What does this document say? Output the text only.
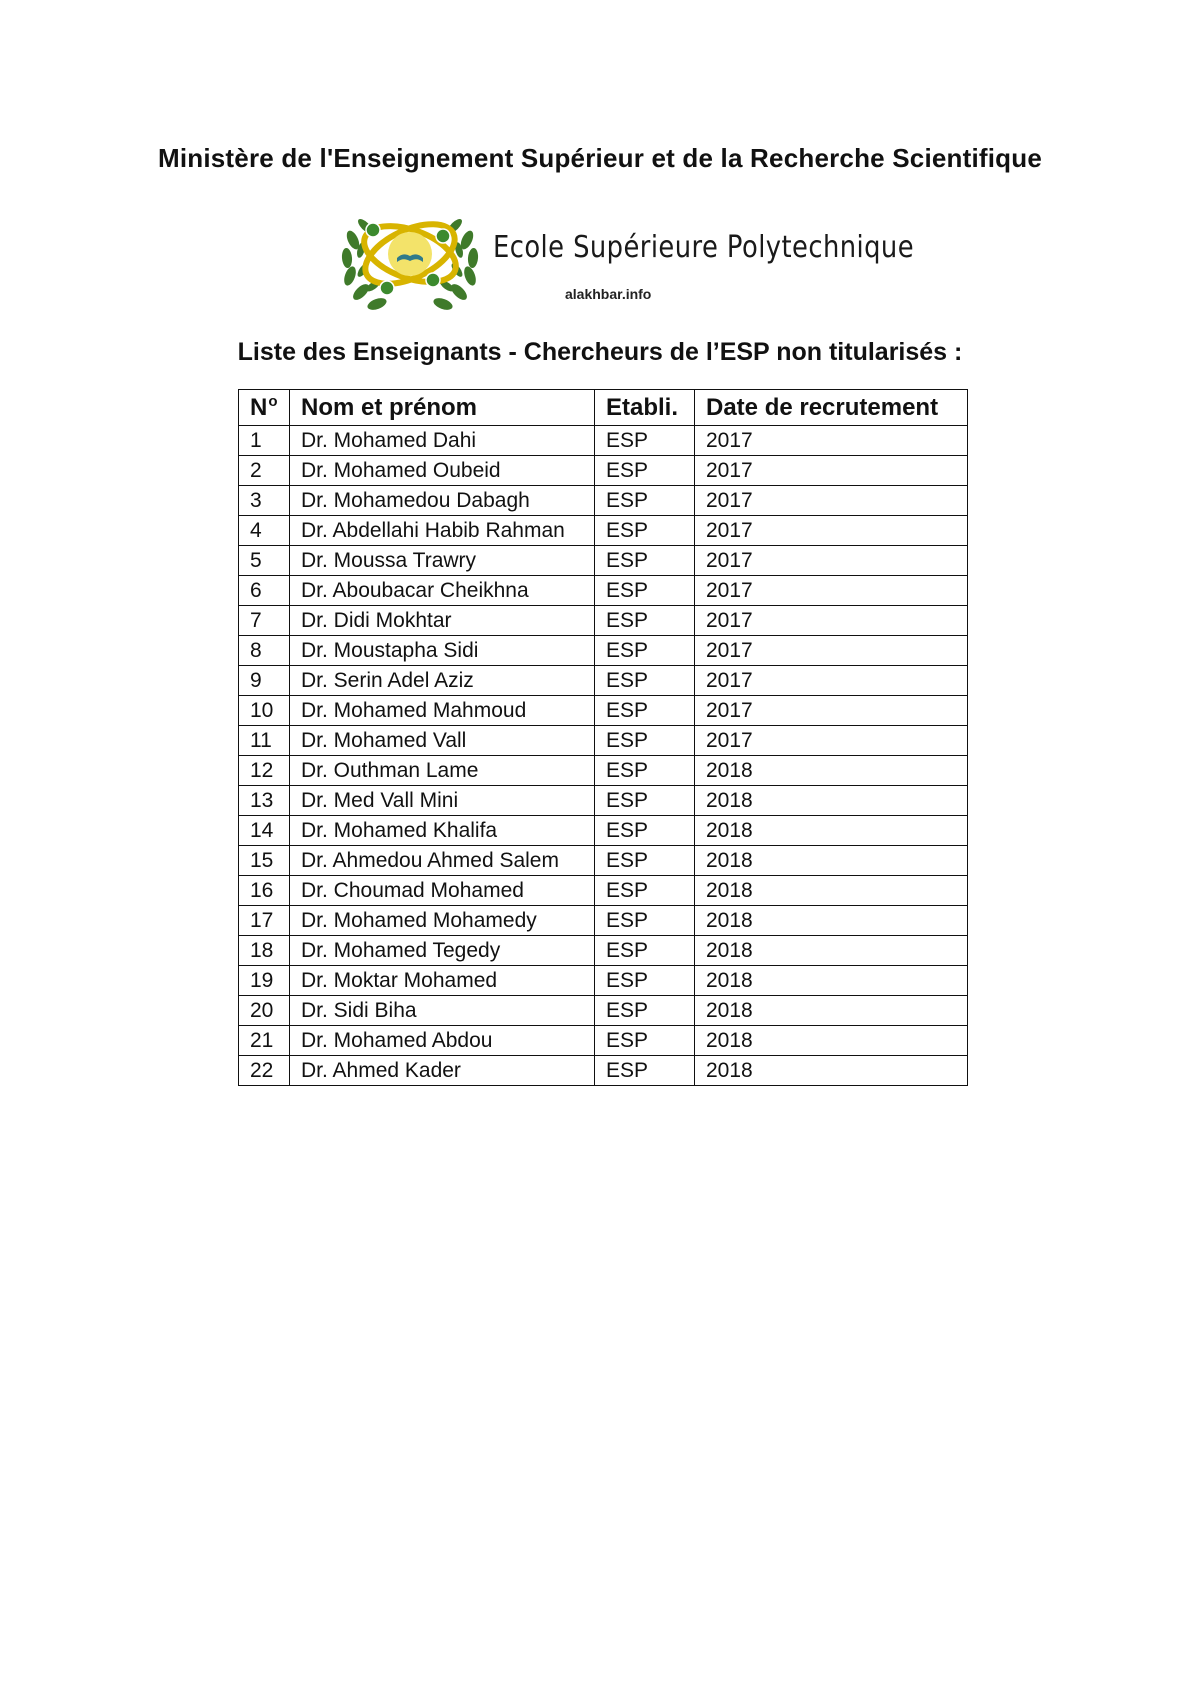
Ministère de l'Enseignement Supérieur et de la Recherche Scientifique
Ecole Supérieure Polytechnique
alakhbar.info
Liste des Enseignants - Chercheurs de l’ESP non titularisés :
$N^o$	Nom et prénom	Etabli.	Date de recrutement
1	Dr. Mohamed Dahi	ESP	2017
2	Dr. Mohamed Oubeid	ESP	2017
3	Dr. Mohamedou Dabagh	ESP	2017
4	Dr. Abdellahi Habib Rahman	ESP	2017
5	Dr. Moussa Trawry	ESP	2017
6	Dr. Aboubacar Cheikhna	ESP	2017
7	Dr. Didi Mokhtar	ESP	2017
8	Dr. Moustapha Sidi	ESP	2017
9	Dr. Serin Adel Aziz	ESP	2017
10	Dr. Mohamed Mahmoud	ESP	2017
11	Dr. Mohamed Vall	ESP	2017
12	Dr. Outhman Lame	ESP	2018
13	Dr. Med Vall Mini	ESP	2018
14	Dr. Mohamed Khalifa	ESP	2018
15	Dr. Ahmedou Ahmed Salem	ESP	2018
16	Dr. Choumad Mohamed	ESP	2018
17	Dr. Mohamed Mohamedy	ESP	2018
18	Dr. Mohamed Tegedy	ESP	2018
19	Dr. Moktar Mohamed	ESP	2018
20	Dr. Sidi Biha	ESP	2018
21	Dr. Mohamed Abdou	ESP	2018
22	Dr. Ahmed Kader	ESP	2018
